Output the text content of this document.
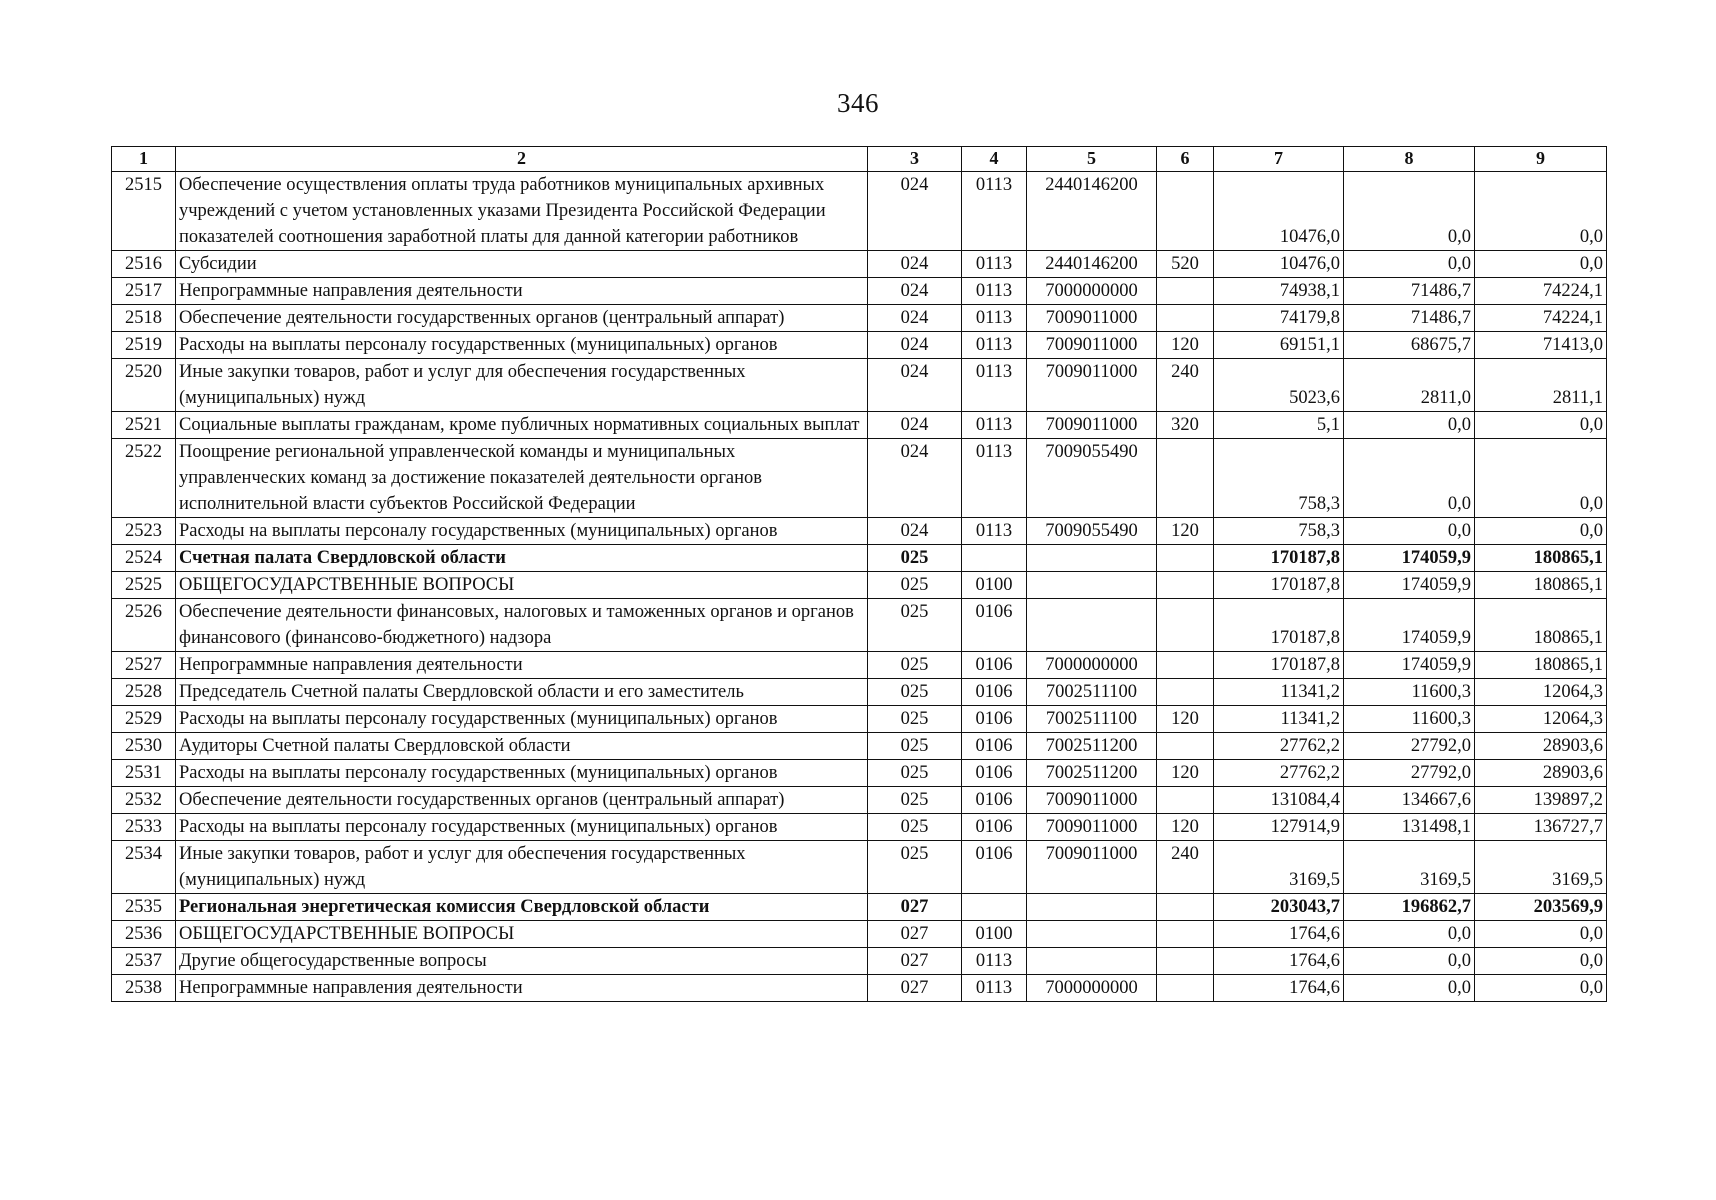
346
1	2	3	4	5	6	7	8	9
2515	Обеспечение осуществления оплаты труда работников муниципальных архивных учреждений с учетом установленных указами Президента Российской Федерации показателей соотношения заработной платы для данной категории работников	024	0113	2440146200		10476,0	0,0	0,0
2516	Субсидии	024	0113	2440146200	520	10476,0	0,0	0,0
2517	Непрограммные направления деятельности	024	0113	7000000000		74938,1	71486,7	74224,1
2518	Обеспечение деятельности государственных органов (центральный аппарат)	024	0113	7009011000		74179,8	71486,7	74224,1
2519	Расходы на выплаты персоналу государственных (муниципальных) органов	024	0113	7009011000	120	69151,1	68675,7	71413,0
2520	Иные закупки товаров, работ и услуг для обеспечения государственных (муниципальных) нужд	024	0113	7009011000	240	5023,6	2811,0	2811,1
2521	Социальные выплаты гражданам, кроме публичных нормативных социальных выплат	024	0113	7009011000	320	5,1	0,0	0,0
2522	Поощрение региональной управленческой команды и муниципальных управленческих команд за достижение показателей деятельности органов исполнительной власти субъектов Российской Федерации	024	0113	7009055490		758,3	0,0	0,0
2523	Расходы на выплаты персоналу государственных (муниципальных) органов	024	0113	7009055490	120	758,3	0,0	0,0
2524	Счетная палата Свердловской области	025				170187,8	174059,9	180865,1
2525	ОБЩЕГОСУДАРСТВЕННЫЕ ВОПРОСЫ	025	0100			170187,8	174059,9	180865,1
2526	Обеспечение деятельности финансовых, налоговых и таможенных органов и органов финансового (финансово-бюджетного) надзора	025	0106			170187,8	174059,9	180865,1
2527	Непрограммные направления деятельности	025	0106	7000000000		170187,8	174059,9	180865,1
2528	Председатель Счетной палаты Свердловской области и его заместитель	025	0106	7002511100		11341,2	11600,3	12064,3
2529	Расходы на выплаты персоналу государственных (муниципальных) органов	025	0106	7002511100	120	11341,2	11600,3	12064,3
2530	Аудиторы Счетной палаты Свердловской области	025	0106	7002511200		27762,2	27792,0	28903,6
2531	Расходы на выплаты персоналу государственных (муниципальных) органов	025	0106	7002511200	120	27762,2	27792,0	28903,6
2532	Обеспечение деятельности государственных органов (центральный аппарат)	025	0106	7009011000		131084,4	134667,6	139897,2
2533	Расходы на выплаты персоналу государственных (муниципальных) органов	025	0106	7009011000	120	127914,9	131498,1	136727,7
2534	Иные закупки товаров, работ и услуг для обеспечения государственных (муниципальных) нужд	025	0106	7009011000	240	3169,5	3169,5	3169,5
2535	Региональная энергетическая комиссия Свердловской области	027				203043,7	196862,7	203569,9
2536	ОБЩЕГОСУДАРСТВЕННЫЕ ВОПРОСЫ	027	0100			1764,6	0,0	0,0
2537	Другие общегосударственные вопросы	027	0113			1764,6	0,0	0,0
2538	Непрограммные направления деятельности	027	0113	7000000000		1764,6	0,0	0,0
